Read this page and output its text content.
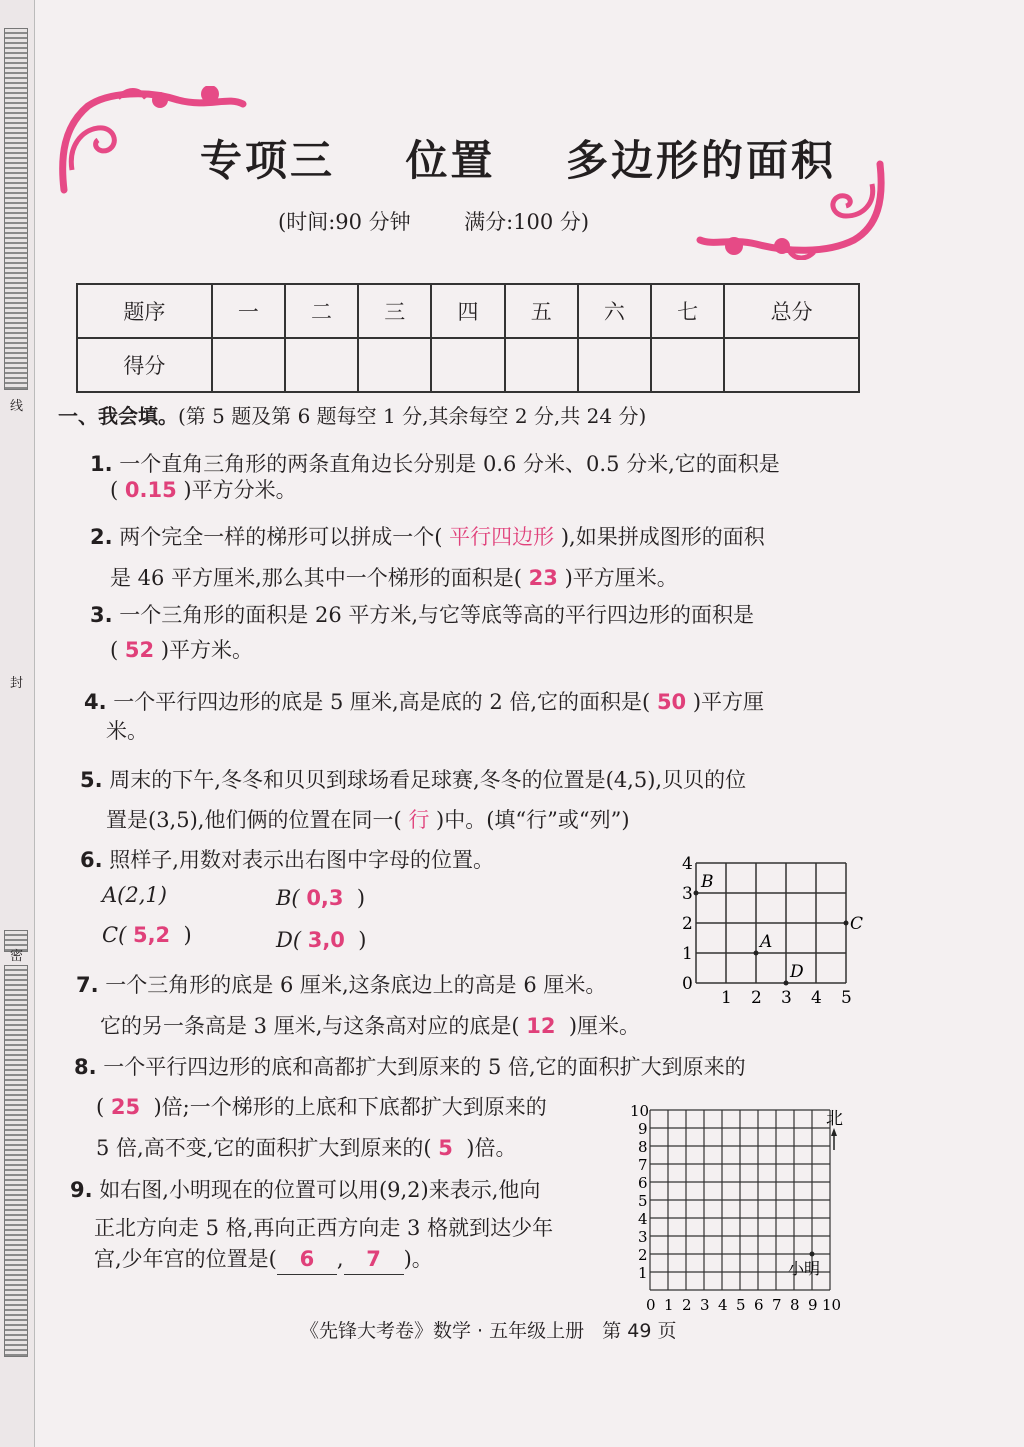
线
封
密
专项三    位置    多边形的面积
(时间:90 分钟        满分:100 分)
题序	一	二	三	四	五	六	七	总分
得分								
一、我会填。(第 5 题及第 6 题每空 1 分,其余每空 2 分,共 24 分)
1. 一个直角三角形的两条直角边长分别是 0.6 分米、0.5 分米,它的面积是
( 0.15 )平方分米。
2. 两个完全一样的梯形可以拼成一个( 平行四边形 ),如果拼成图形的面积
是 46 平方厘米,那么其中一个梯形的面积是( 23 )平方厘米。
3. 一个三角形的面积是 26 平方米,与它等底等高的平行四边形的面积是
( 52 )平方米。
4. 一个平行四边形的底是 5 厘米,高是底的 2 倍,它的面积是( 50 )平方厘
米。
5. 周末的下午,冬冬和贝贝到球场看足球赛,冬冬的位置是(4,5),贝贝的位
置是(3,5),他们俩的位置在同一( 行 )中。(填“行”或“列”)
6. 照样子,用数对表示出右图中字母的位置。
A(2,1)	B( 0,3 )
C( 5,2 )	D( 3,0 )
4
3
2
1
0
1 2 3 4 5
A
B
C
D
7. 一个三角形的底是 6 厘米,这条底边上的高是 6 厘米。
它的另一条高是 3 厘米,与这条高对应的底是( 12 )厘米。
8. 一个平行四边形的底和高都扩大到原来的 5 倍,它的面积扩大到原来的
( 25 )倍;一个梯形的上底和下底都扩大到原来的
5 倍,高不变,它的面积扩大到原来的( 5 )倍。
9. 如右图,小明现在的位置可以用(9,2)来表示,他向
正北方向走 5 格,再向正西方向走 3 格就到达少年
宫,少年宫的位置是( 6 , 7 )。
10
9
8
7
6
5
4
3
2
1
0 1 2 3 4 5 6 7 8 9 10
北
小明
《先锋大考卷》数学 · 五年级上册   第 49 页
